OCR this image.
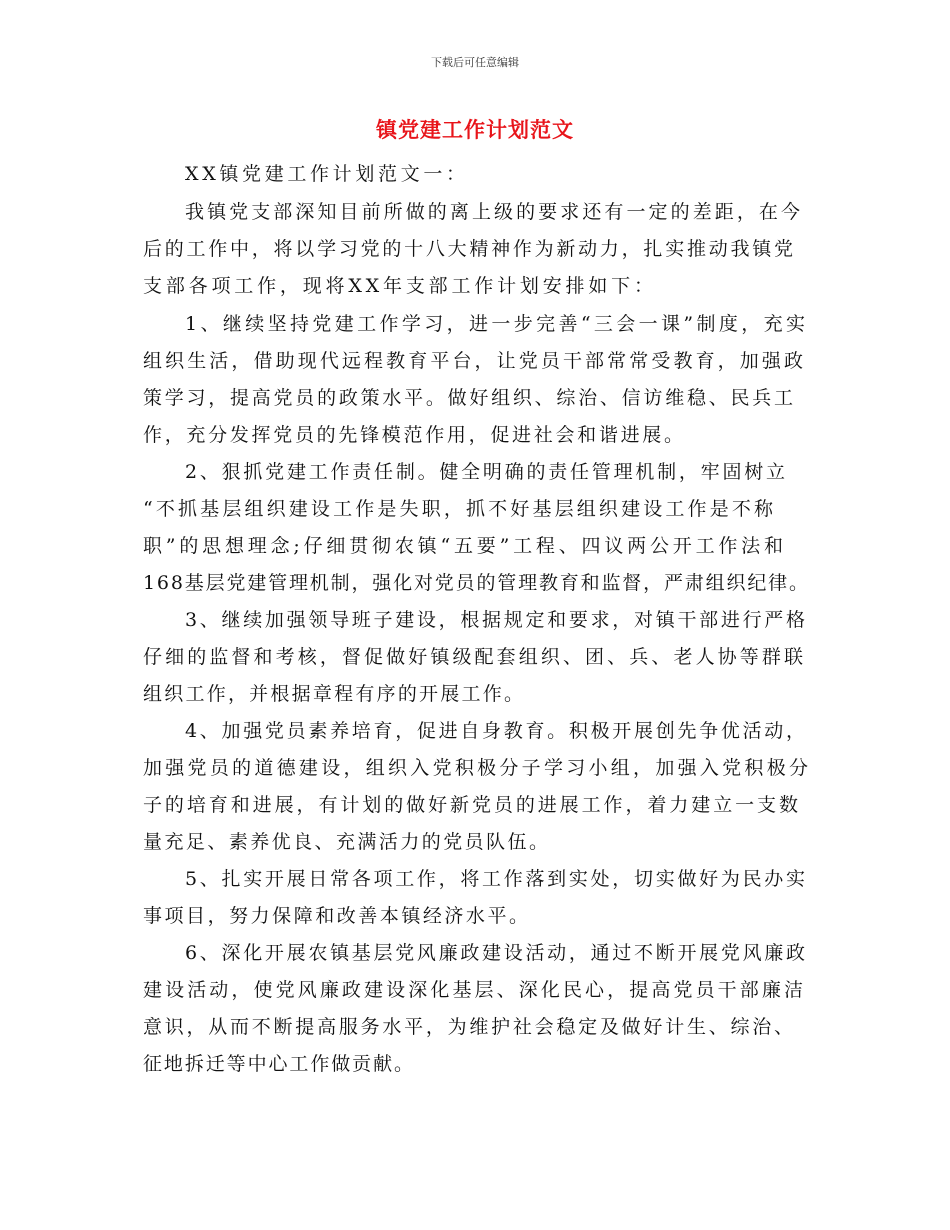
下载后可任意编辑
镇党建工作计划范文
XX镇党建工作计划范文一：
我镇党支部深知目前所做的离上级的要求还有一定的差距，在今
后的工作中，将以学习党的十八大精神作为新动力，扎实推动我镇党
支部各项工作，现将XX年支部工作计划安排如下：
1、继续坚持党建工作学习，进一步完善“三会一课”制度，充实
组织生活，借助现代远程教育平台，让党员干部常常受教育，加强政
策学习，提高党员的政策水平。做好组织、综治、信访维稳、民兵工
作，充分发挥党员的先锋模范作用，促进社会和谐进展。
2、狠抓党建工作责任制。健全明确的责任管理机制，牢固树立
“不抓基层组织建设工作是失职，抓不好基层组织建设工作是不称
职”的思想理念;仔细贯彻农镇“五要”工程、四议两公开工作法和
168基层党建管理机制，强化对党员的管理教育和监督，严肃组织纪律。
3、继续加强领导班子建设，根据规定和要求，对镇干部进行严格
仔细的监督和考核，督促做好镇级配套组织、团、兵、老人协等群联
组织工作，并根据章程有序的开展工作。
4、加强党员素养培育，促进自身教育。积极开展创先争优活动，
加强党员的道德建设，组织入党积极分子学习小组，加强入党积极分
子的培育和进展，有计划的做好新党员的进展工作，着力建立一支数
量充足、素养优良、充满活力的党员队伍。
5、扎实开展日常各项工作，将工作落到实处，切实做好为民办实
事项目，努力保障和改善本镇经济水平。
6、深化开展农镇基层党风廉政建设活动，通过不断开展党风廉政
建设活动，使党风廉政建设深化基层、深化民心，提高党员干部廉洁
意识，从而不断提高服务水平，为维护社会稳定及做好计生、综治、
征地拆迁等中心工作做贡献。
